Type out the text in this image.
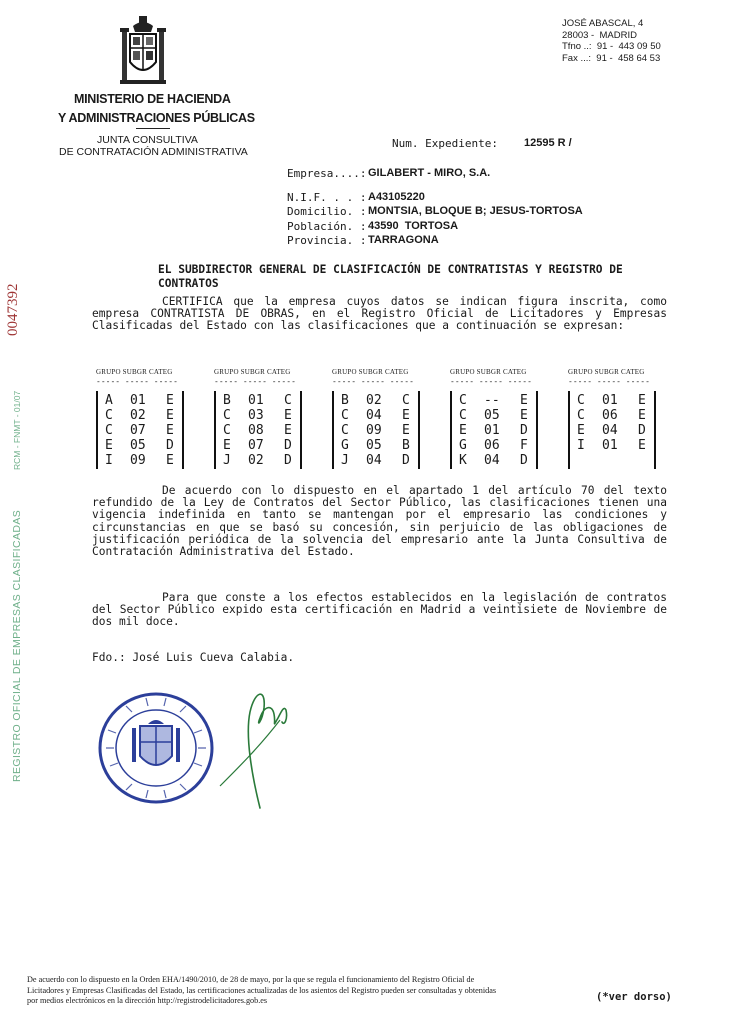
MINISTERIO DE HACIENDA
Y ADMINISTRACIONES PÚBLICAS
JUNTA CONSULTIVA
DE CONTRATACIÓN ADMINISTRATIVA
JOSÉ ABASCAL, 4
28003 -  MADRID
Tfno ..:  91 -  443 09 50
Fax ...:  91 -  458 64 53
Num. Expediente: 12595 R /
Empresa....: GILABERT - MIRO, S.A.
N.I.F. . . : A43105220
Domicilio. : MONTSIA, BLOQUE B; JESUS-TORTOSA
Población. : 43590  TORTOSA
Provincia. : TARRAGONA
EL SUBDIRECTOR GENERAL DE CLASIFICACIÓN DE CONTRATISTAS Y REGISTRO DE CONTRATOS
CERTIFICA que la empresa cuyos datos se indican figura inscrita, como empresa CONTRATISTA DE OBRAS, en el Registro Oficial de Licitadores y Empresas Clasificadas del Estado con las clasificaciones que a continuación se expresan:
GRUPO SUBGR CATEG
----- ----- -----
A 01 E
C 02 E
C 07 E
E 05 D
I 09 E
GRUPO SUBGR CATEG
----- ----- -----
B 01 C
C 03 E
C 08 E
E 07 D
J 02 D
GRUPO SUBGR CATEG
----- ----- -----
B 02 C
C 04 E
C 09 E
G 05 B
J 04 D
GRUPO SUBGR CATEG
----- ----- -----
C -- E
C 05 E
E 01 D
G 06 F
K 04 D
GRUPO SUBGR CATEG
----- ----- -----
C 01 E
C 06 E
E 04 D
I 01 E
De acuerdo con lo dispuesto en el apartado 1 del artículo 70 del texto refundido de la Ley de Contratos del Sector Público, las clasificaciones tienen una vigencia indefinida en tanto se mantengan por el empresario las condiciones y circunstancias en que se basó su concesión, sin perjuicio de las obligaciones de justificación periódica de la solvencia del empresario ante la Junta Consultiva de Contratación Administrativa del Estado.
Para que conste a los efectos establecidos en la legislación de contratos del Sector Público expido esta certificación en Madrid a veintisiete de Noviembre de dos mil doce.
Fdo.: José Luis Cueva Calabia.
0047392
RCM - FNMT - 01/07
REGISTRO OFICIAL DE EMPRESAS CLASIFICADAS
De acuerdo con lo dispuesto en la Orden EHA/1490/2010, de 28 de mayo, por la que se regula el funcionamiento del Registro Oficial de Licitadores y Empresas Clasificadas del Estado, las certificaciones actualizadas de los asientos del Registro pueden ser consultadas y obtenidas por medios electrónicos en la dirección http://registrodelicitadores.gob.es	(*ver dorso)
